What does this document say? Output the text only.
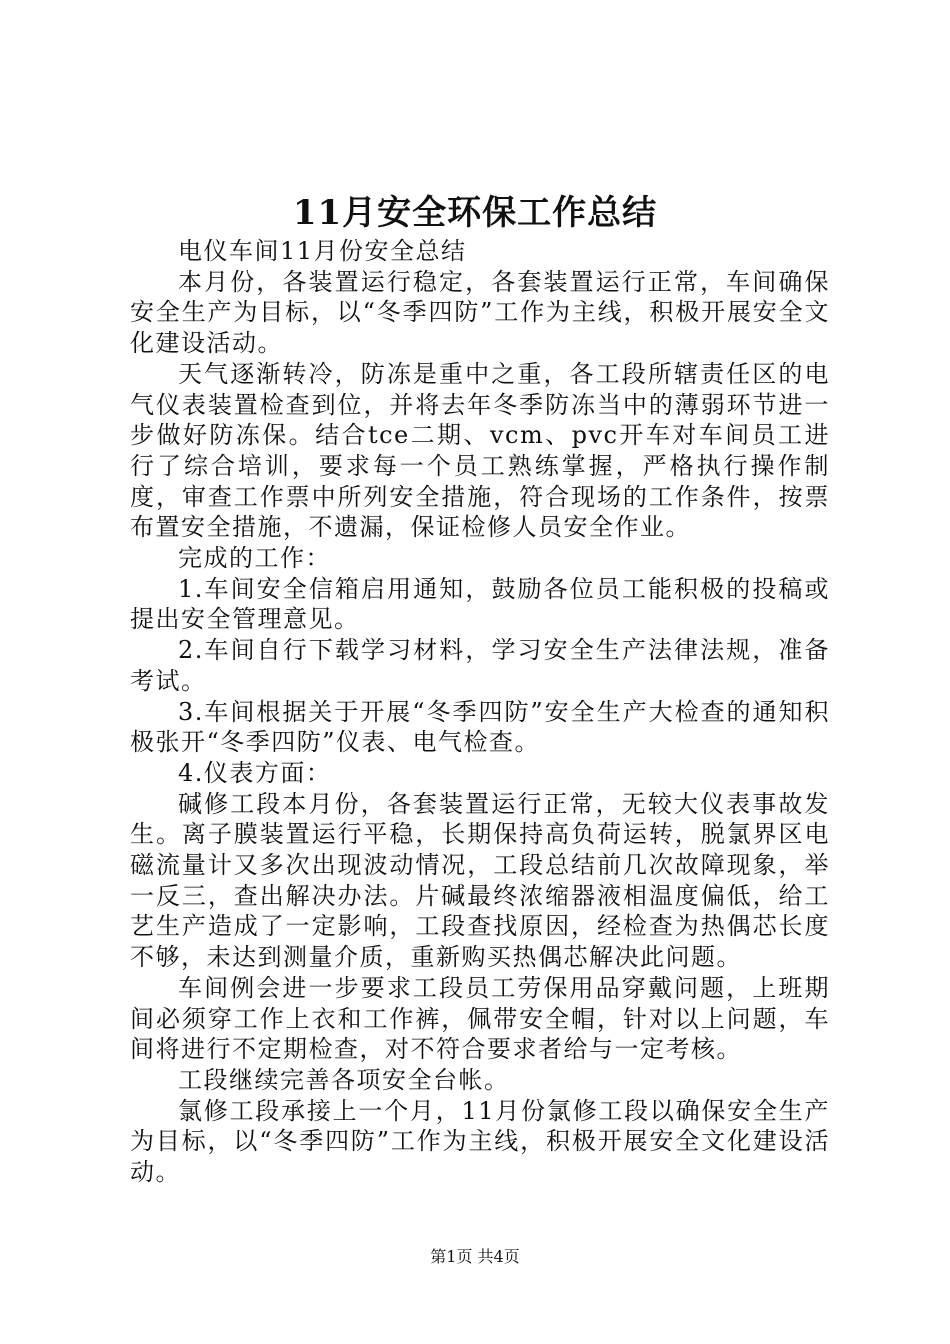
11月安全环保工作总结

电仪车间11月份安全总结

本月份，各装置运行稳定，各套装置运行正常，车间确保安全生产为目标，以“冬季四防”工作为主线，积极开展安全文化建设活动。

天气逐渐转冷，防冻是重中之重，各工段所辖责任区的电气仪表装置检查到位，并将去年冬季防冻当中的薄弱环节进一步做好防冻保。结合tce二期、vcm、pvc开车对车间员工进行了综合培训，要求每一个员工熟练掌握，严格执行操作制度，审查工作票中所列安全措施，符合现场的工作条件，按票布置安全措施，不遗漏，保证检修人员安全作业。

完成的工作：

1.车间安全信箱启用通知，鼓励各位员工能积极的投稿或提出安全管理意见。

2.车间自行下载学习材料，学习安全生产法律法规，准备考试。

3.车间根据关于开展“冬季四防”安全生产大检查的通知积极张开“冬季四防”仪表、电气检查。

4.仪表方面：

碱修工段本月份，各套装置运行正常，无较大仪表事故发生。离子膜装置运行平稳，长期保持高负荷运转，脱氯界区电磁流量计又多次出现波动情况，工段总结前几次故障现象，举一反三，查出解决办法。片碱最终浓缩器液相温度偏低，给工艺生产造成了一定影响，工段查找原因，经检查为热偶芯长度不够，未达到测量介质，重新购买热偶芯解决此问题。

车间例会进一步要求工段员工劳保用品穿戴问题，上班期间必须穿工作上衣和工作裤，佩带安全帽，针对以上问题，车间将进行不定期检查，对不符合要求者给与一定考核。

工段继续完善各项安全台帐。

氯修工段承接上一个月，11月份氯修工段以确保安全生产为目标，以“冬季四防”工作为主线，积极开展安全文化建设活动。

第1页 共4页
